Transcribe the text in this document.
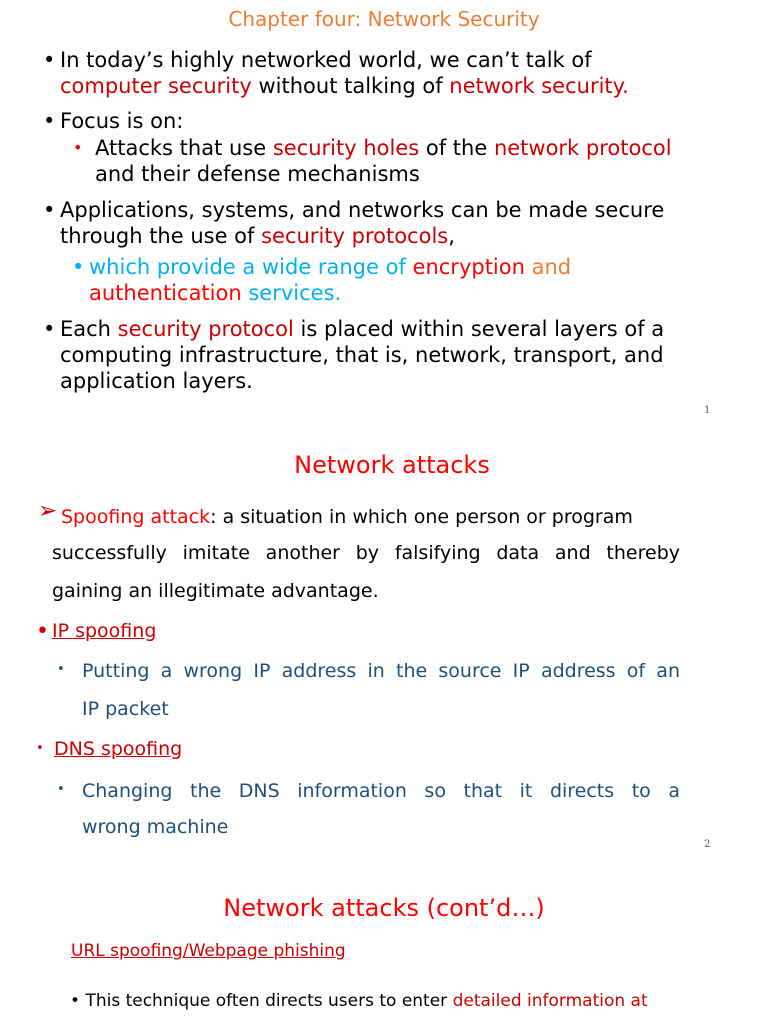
Chapter four: Network Security
• In today’s highly networked world, we can’t talk of
computer security without talking of network security.
• Focus is on:
• Attacks that use security holes of the network protocol
and their defense mechanisms
• Applications, systems, and networks can be made secure
through the use of security protocols,
• which provide a wide range of encryption and
authentication services.
• Each security protocol is placed within several layers of a
computing infrastructure, that is, network, transport, and
application layers.
1
Network attacks
➢ Spoofing attack: a situation in which one person or program
successfully imitate another by falsifying data and thereby
gaining an illegitimate advantage.
• IP spoofing
• Putting a wrong IP address in the source IP address of an
IP packet
• DNS spoofing
• Changing the DNS information so that it directs to a
wrong machine
2
Network attacks (cont’d…)
URL spoofing/Webpage phishing
• This technique often directs users to enter detailed information at
